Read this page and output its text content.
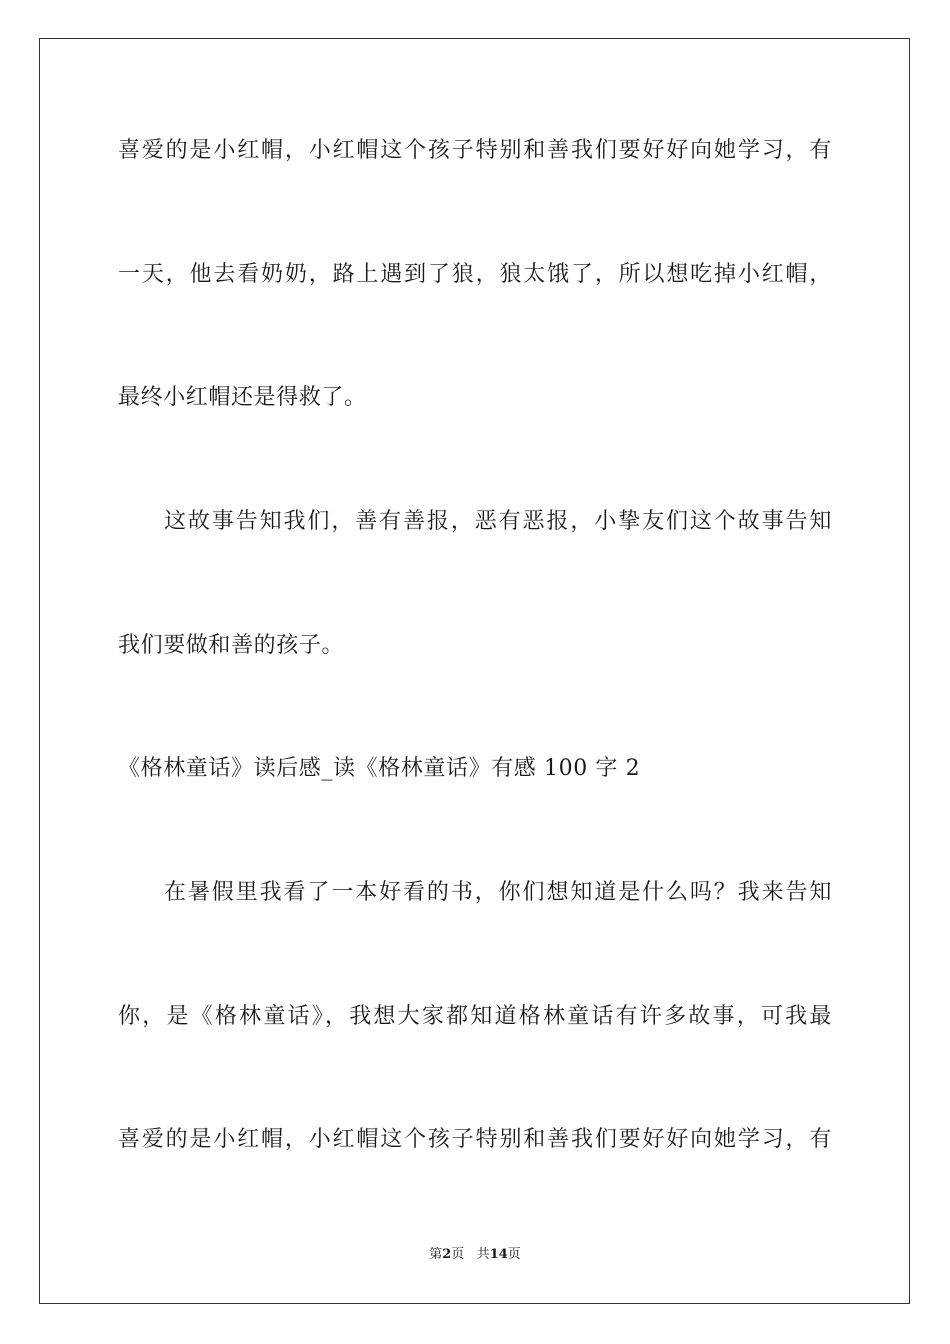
喜爱的是小红帽，小红帽这个孩子特别和善我们要好好向她学习，有
一天，他去看奶奶，路上遇到了狼，狼太饿了，所以想吃掉小红帽，
最终小红帽还是得救了。
这故事告知我们，善有善报，恶有恶报，小挚友们这个故事告知
我们要做和善的孩子。
《格林童话》读后感_读《格林童话》有感 100 字 2
在暑假里我看了一本好看的书，你们想知道是什么吗？我来告知
你，是《格林童话》，我想大家都知道格林童话有许多故事，可我最
喜爱的是小红帽，小红帽这个孩子特别和善我们要好好向她学习，有
第2页 共14页
